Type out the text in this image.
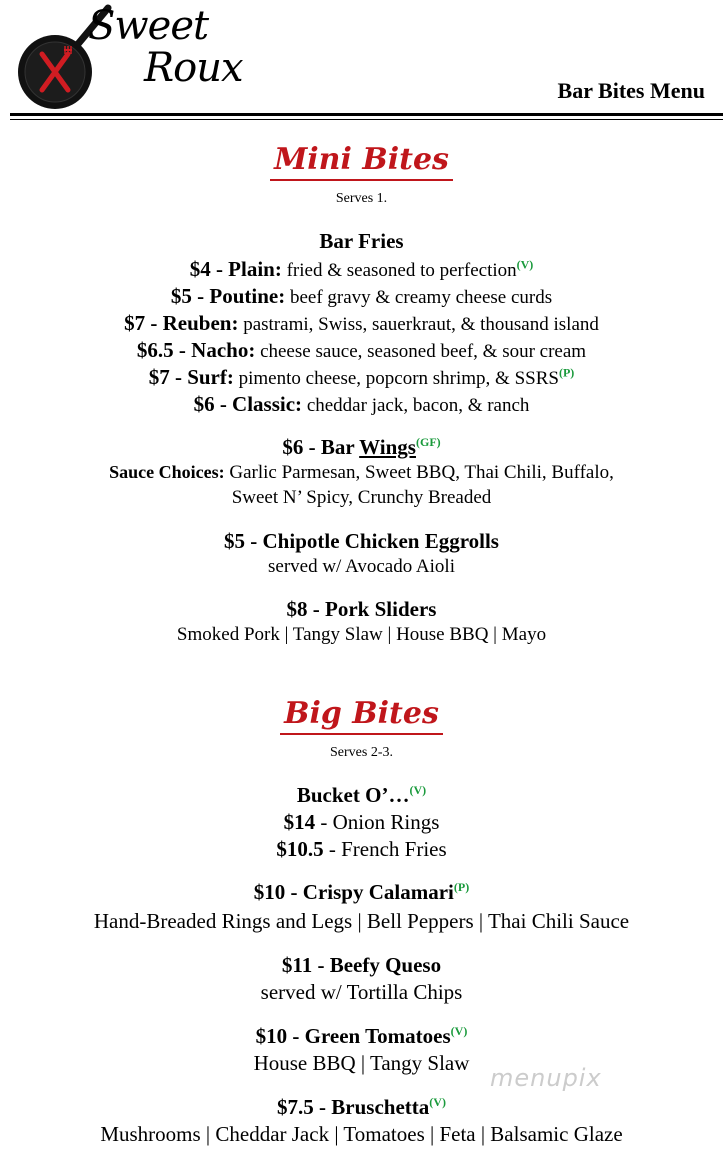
Sweet
Roux	Bar Bites Menu
Mini Bites
Serves 1.
Bar Fries
$4 - Plain: fried & seasoned to perfection$^{(V)}$
$5 - Poutine: beef gravy & creamy cheese curds
$7 - Reuben: pastrami, Swiss, sauerkraut, & thousand island
$6.5 - Nacho: cheese sauce, seasoned beef, & sour cream
$7 - Surf: pimento cheese, popcorn shrimp, & $SSRS^{(P)}$
$6 - Classic: cheddar jack, bacon, & ranch
$6 - Bar Wings$^{(GF)}$
Sauce Choices: Garlic Parmesan, Sweet BBQ, Thai Chili, Buffalo,
Sweet N’ Spicy, Crunchy Breaded
$5 - Chipotle Chicken Eggrolls
served w/ Avocado Aioli
$8 - Pork Sliders
Smoked Pork | Tangy Slaw | House BBQ | Mayo
Big Bites
Serves 2-3.
Bucket O’…$^{(V)}$
$14 - Onion Rings
$10.5 - French Fries
$10 - Crispy Calamari$^{(P)}$
Hand-Breaded Rings and Legs | Bell Peppers | Thai Chili Sauce
$11 - Beefy Queso
served w/ Tortilla Chips
$10 - Green Tomatoes$^{(V)}$
House BBQ | Tangy Slaw
$7.5 - Bruschetta$^{(V)}$
Mushrooms | Cheddar Jack | Tomatoes | Feta | Balsamic Glaze
menupix
